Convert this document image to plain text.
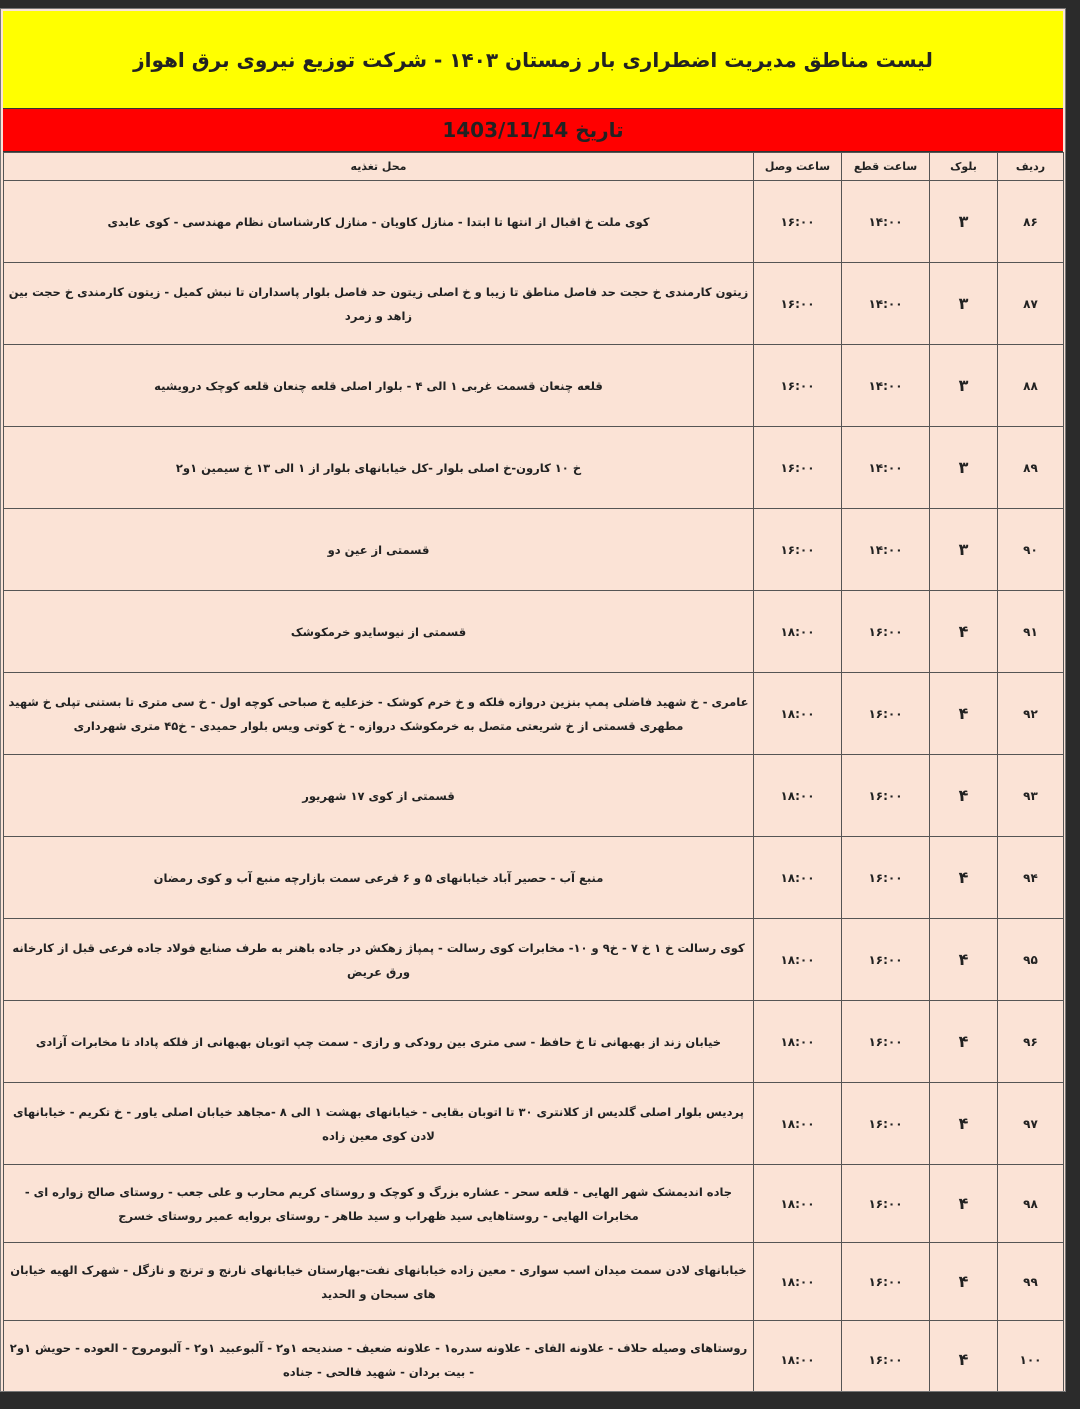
لیست مناطق مدیریت اضطراری بار زمستان ۱۴۰۳ - شرکت توزیع نیروی برق اهواز
تاریخ 1403/11/14
ردیف	بلوک	ساعت قطع	ساعت وصل	محل تغذیه
۸۶	۳	۱۴:۰۰	۱۶:۰۰	کوی ملت خ اقبال از انتها تا ابتدا - منازل کاویان - منازل کارشناسان نظام مهندسی - کوی عابدی
۸۷	۳	۱۴:۰۰	۱۶:۰۰	زیتون کارمندی خ حجت حد فاصل مناطق تا زیبا و خ اصلی زیتون حد فاصل بلوار پاسداران تا نبش کمیل - زیتون کارمندی خ حجت بین زاهد و زمرد
۸۸	۳	۱۴:۰۰	۱۶:۰۰	قلعه چنعان قسمت غربی ۱ الی ۴ - بلوار اصلی قلعه چنعان قلعه کوچک درویشیه
۸۹	۳	۱۴:۰۰	۱۶:۰۰	خ ۱۰ کارون-خ اصلی بلوار -کل خیابانهای بلوار از ۱ الی ۱۳ خ سیمین ۱و۲
۹۰	۳	۱۴:۰۰	۱۶:۰۰	قسمتی از عین دو
۹۱	۴	۱۶:۰۰	۱۸:۰۰	قسمتی از نیوسایدو خرمکوشک
۹۲	۴	۱۶:۰۰	۱۸:۰۰	عامری - خ شهید فاضلی پمپ بنزین دروازه فلکه و خ خرم کوشک - خزعلیه خ صباحی کوچه اول - خ سی متری تا بستنی تپلی خ شهید مطهری قسمتی از خ شریعتی متصل به خرمکوشک دروازه - خ کوتی ویس بلوار حمیدی - خ۴۵ متری شهرداری
۹۳	۴	۱۶:۰۰	۱۸:۰۰	قسمتی از کوی ۱۷ شهریور
۹۴	۴	۱۶:۰۰	۱۸:۰۰	منبع آب - حصیر آباد خیابانهای ۵ و ۶ فرعی سمت بازارچه منبع آب و کوی رمضان
۹۵	۴	۱۶:۰۰	۱۸:۰۰	کوی رسالت خ ۱ خ ۷ - خ۹ و ۱۰- مخابرات کوی رسالت - پمپاژ زهکش در جاده باهنر به طرف صنایع فولاد جاده فرعی قبل از کارخانه ورق عریض
۹۶	۴	۱۶:۰۰	۱۸:۰۰	خیابان زند از بهبهانی تا خ حافظ - سی متری بین رودکی و رازی - سمت چپ اتوبان بهبهانی از فلکه پاداد تا مخابرات آزادی
۹۷	۴	۱۶:۰۰	۱۸:۰۰	پردیس بلوار اصلی گلدیس از کلانتری ۳۰ تا اتوبان بقایی - خیابانهای بهشت ۱ الی ۸ -مجاهد خیابان اصلی یاور - خ تکریم - خیابانهای لادن کوی معین زاده
۹۸	۴	۱۶:۰۰	۱۸:۰۰	جاده اندیمشک شهر الهایی - قلعه سحر - عشاره بزرگ و کوچک و روستای کریم محارب و علی جعب - روستای صالح زواره ای - مخابرات الهایی - روستاهایی سید ظهراب و سید طاهر - روستای بروایه عمیر روستای خسرج
۹۹	۴	۱۶:۰۰	۱۸:۰۰	خیابانهای لادن سمت میدان اسب سواری - معین زاده خیابانهای نفت-بهارستان خیابانهای نارنج و ترنج و نازگل - شهرک الهیه خیابان های سبحان و الحدید
۱۰۰	۴	۱۶:۰۰	۱۸:۰۰	روستاهای وصیله حلاف - علاونه الفای - علاونه سدره۱ - علاونه ضعیف - صندیحه ۱و۲ - آلبوعبید ۱و۲ - آلبومروح - العوده - حویش ۱و۲ - بیت بردان - شهید فالحی - جناده
